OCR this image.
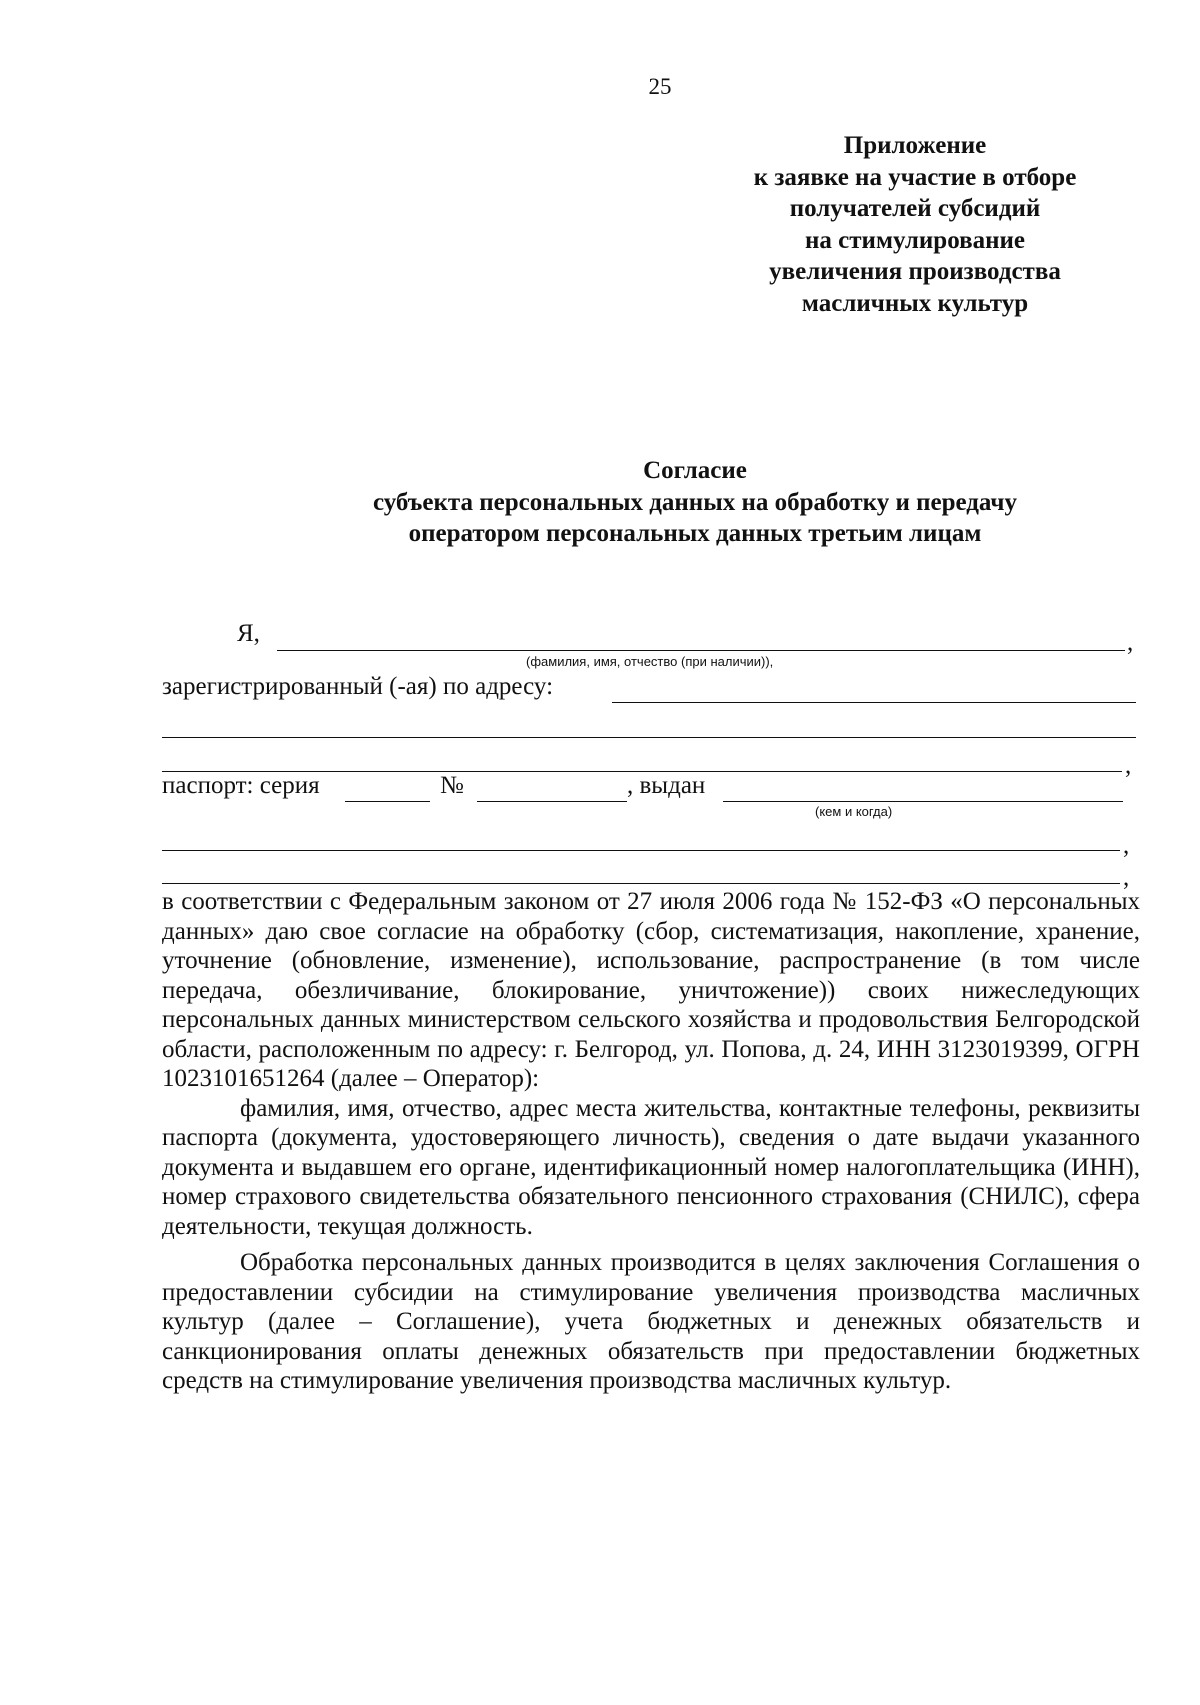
25
Приложение
к заявке на участие в отборе
получателей субсидий
на стимулирование
увеличения производства
масличных культур
Согласие
субъекта персональных данных на обработку и передачу
оператором персональных данных третьим лицам
Я,	,
(фамилия, имя, отчество (при наличии)),
зарегистрированный (-ая) по адресу:
,
паспорт: серия	№	, выдан
(кем и когда)
,
,

в соответствии с Федеральным законом от 27 июля 2006 года № 152-ФЗ «О персональных данных» даю свое согласие на обработку (сбор, систематизация, накопление, хранение, уточнение (обновление, изменение), использование, распространение (в том числе передача, обезличивание, блокирование, уничтожение)) своих нижеследующих персональных данных министерством сельского хозяйства и продовольствия Белгородской области, расположенным по адресу: г. Белгород, ул. Попова, д. 24, ИНН 3123019399, ОГРН 1023101651264 (далее – Оператор):

фамилия, имя, отчество, адрес места жительства, контактные телефоны, реквизиты паспорта (документа, удостоверяющего личность), сведения о дате выдачи указанного документа и выдавшем его органе, идентификационный номер налогоплательщика (ИНН), номер страхового свидетельства обязательного пенсионного страхования (СНИЛС), сфера деятельности, текущая должность.

Обработка персональных данных производится в целях заключения Соглашения о предоставлении субсидии на стимулирование увеличения производства масличных культур (далее – Соглашение), учета бюджетных и денежных обязательств и санкционирования оплаты денежных обязательств при предоставлении бюджетных средств на стимулирование увеличения производства масличных культур.
